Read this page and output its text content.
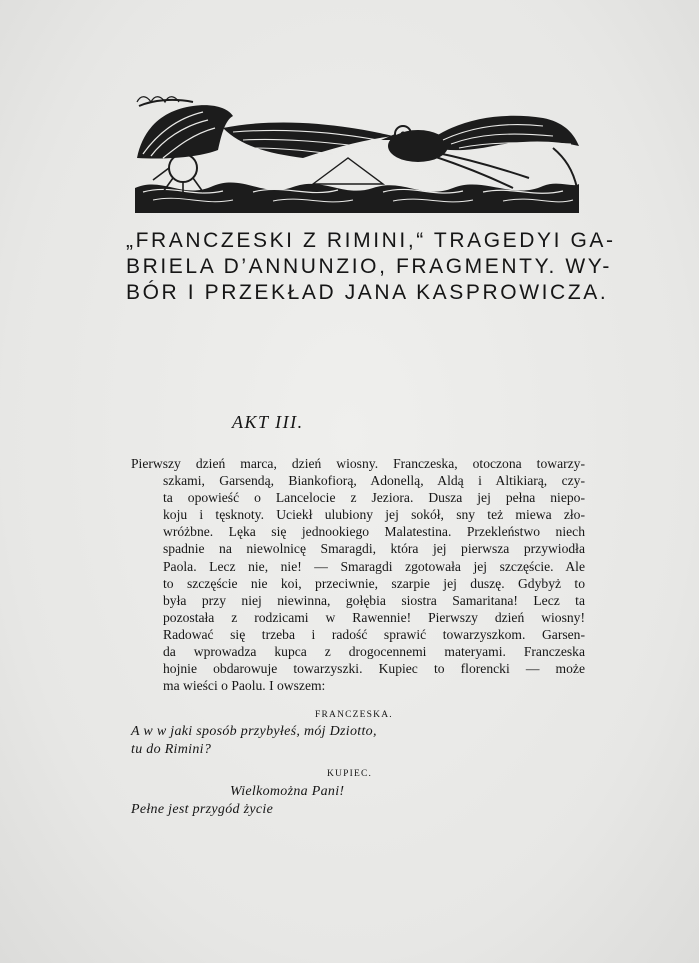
„FRANCZESKI Z RIMINI,“ TRAGEDYI GA-
BRIELA D’ANNUNZIO, FRAGMENTY. WY-
BÓR I PRZEKŁAD JANA KASPROWICZA.
AKT III.
Pierwszy dzień marca, dzień wiosny. Franczeska, otoczona towarzy-
szkami, Garsendą, Biankofiorą, Adonellą, Aldą i Altikiarą, czy-
ta opowieść o Lancelocie z Jeziora. Dusza jej pełna niepo-
koju i tęsknoty. Uciekł ulubiony jej sokół, sny też miewa zło-
wróżbne. Lęka się jednookiego Malatestina. Przekleństwo niech
spadnie na niewolnicę Smaragdi, która jej pierwsza przywiodła
Paola. Lecz nie, nie! — Smaragdi zgotowała jej szczęście. Ale
to szczęście nie koi, przeciwnie, szarpie jej duszę. Gdybyż to
była przy niej niewinna, gołębia siostra Samaritana! Lecz ta
pozostała z rodzicami w Rawennie! Pierwszy dzień wiosny!
Radować się trzeba i radość sprawić towarzyszkom. Garsen-
da wprowadza kupca z drogocennemi materyami. Franczeska
hojnie obdarowuje towarzyszki. Kupiec to florencki — może
ma wieści o Paolu. I owszem:
FRANCZESKA.
A w w jaki sposób przybyłeś, mój Dziotto,
tu do Rimini?
KUPIEC.
Wielkomożna Pani!
Pełne jest przygód życie
